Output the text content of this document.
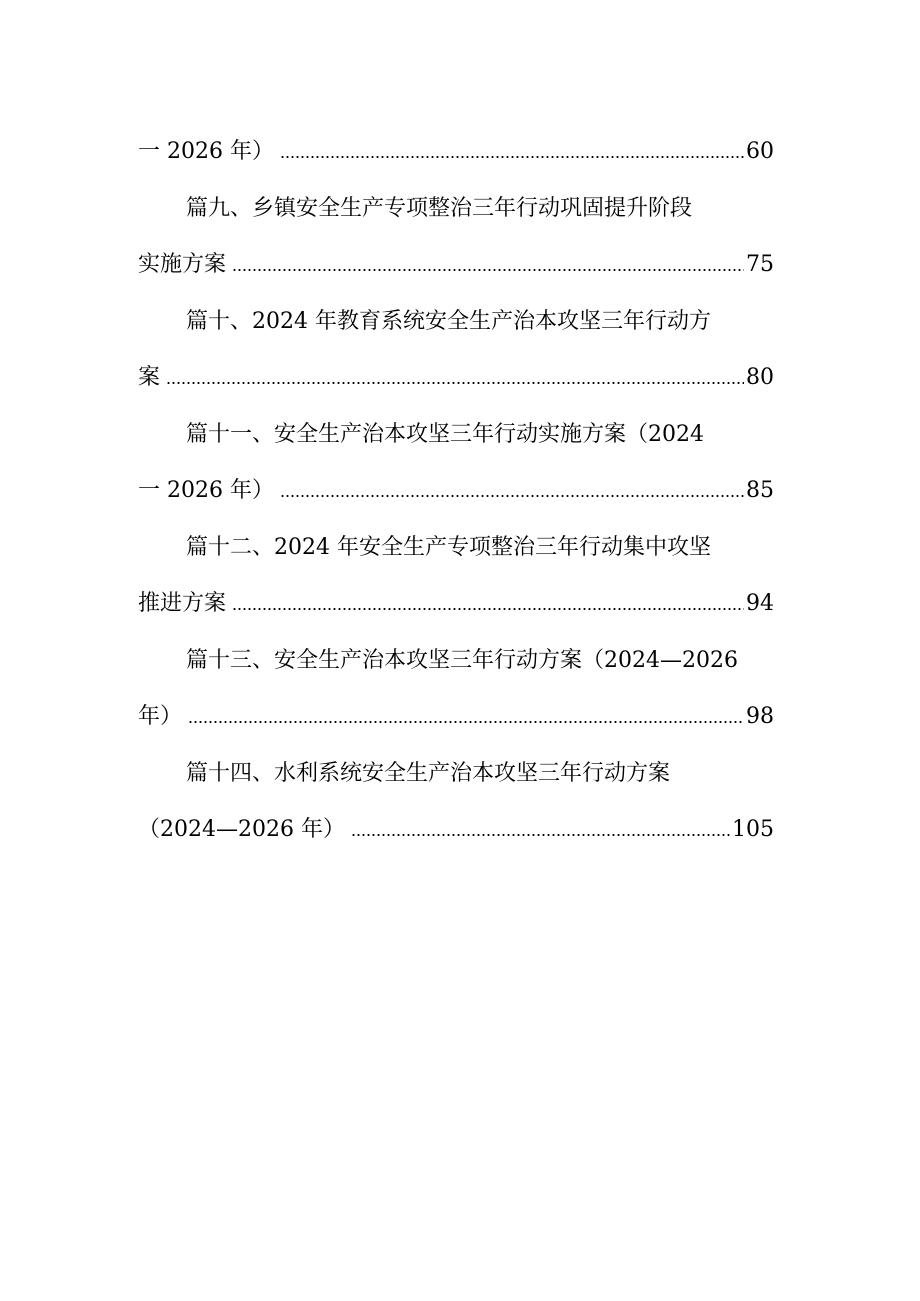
一 2026 年）	60
篇九、乡镇安全生产专项整治三年行动巩固提升阶段
实施方案	75
篇十、2024 年教育系统安全生产治本攻坚三年行动方
案	80
篇十一、安全生产治本攻坚三年行动实施方案（2024
一 2026 年）	85
篇十二、2024 年安全生产专项整治三年行动集中攻坚
推进方案	94
篇十三、安全生产治本攻坚三年行动方案（2024—2026
年）	98
篇十四、水利系统安全生产治本攻坚三年行动方案
（2024—2026 年）	105
